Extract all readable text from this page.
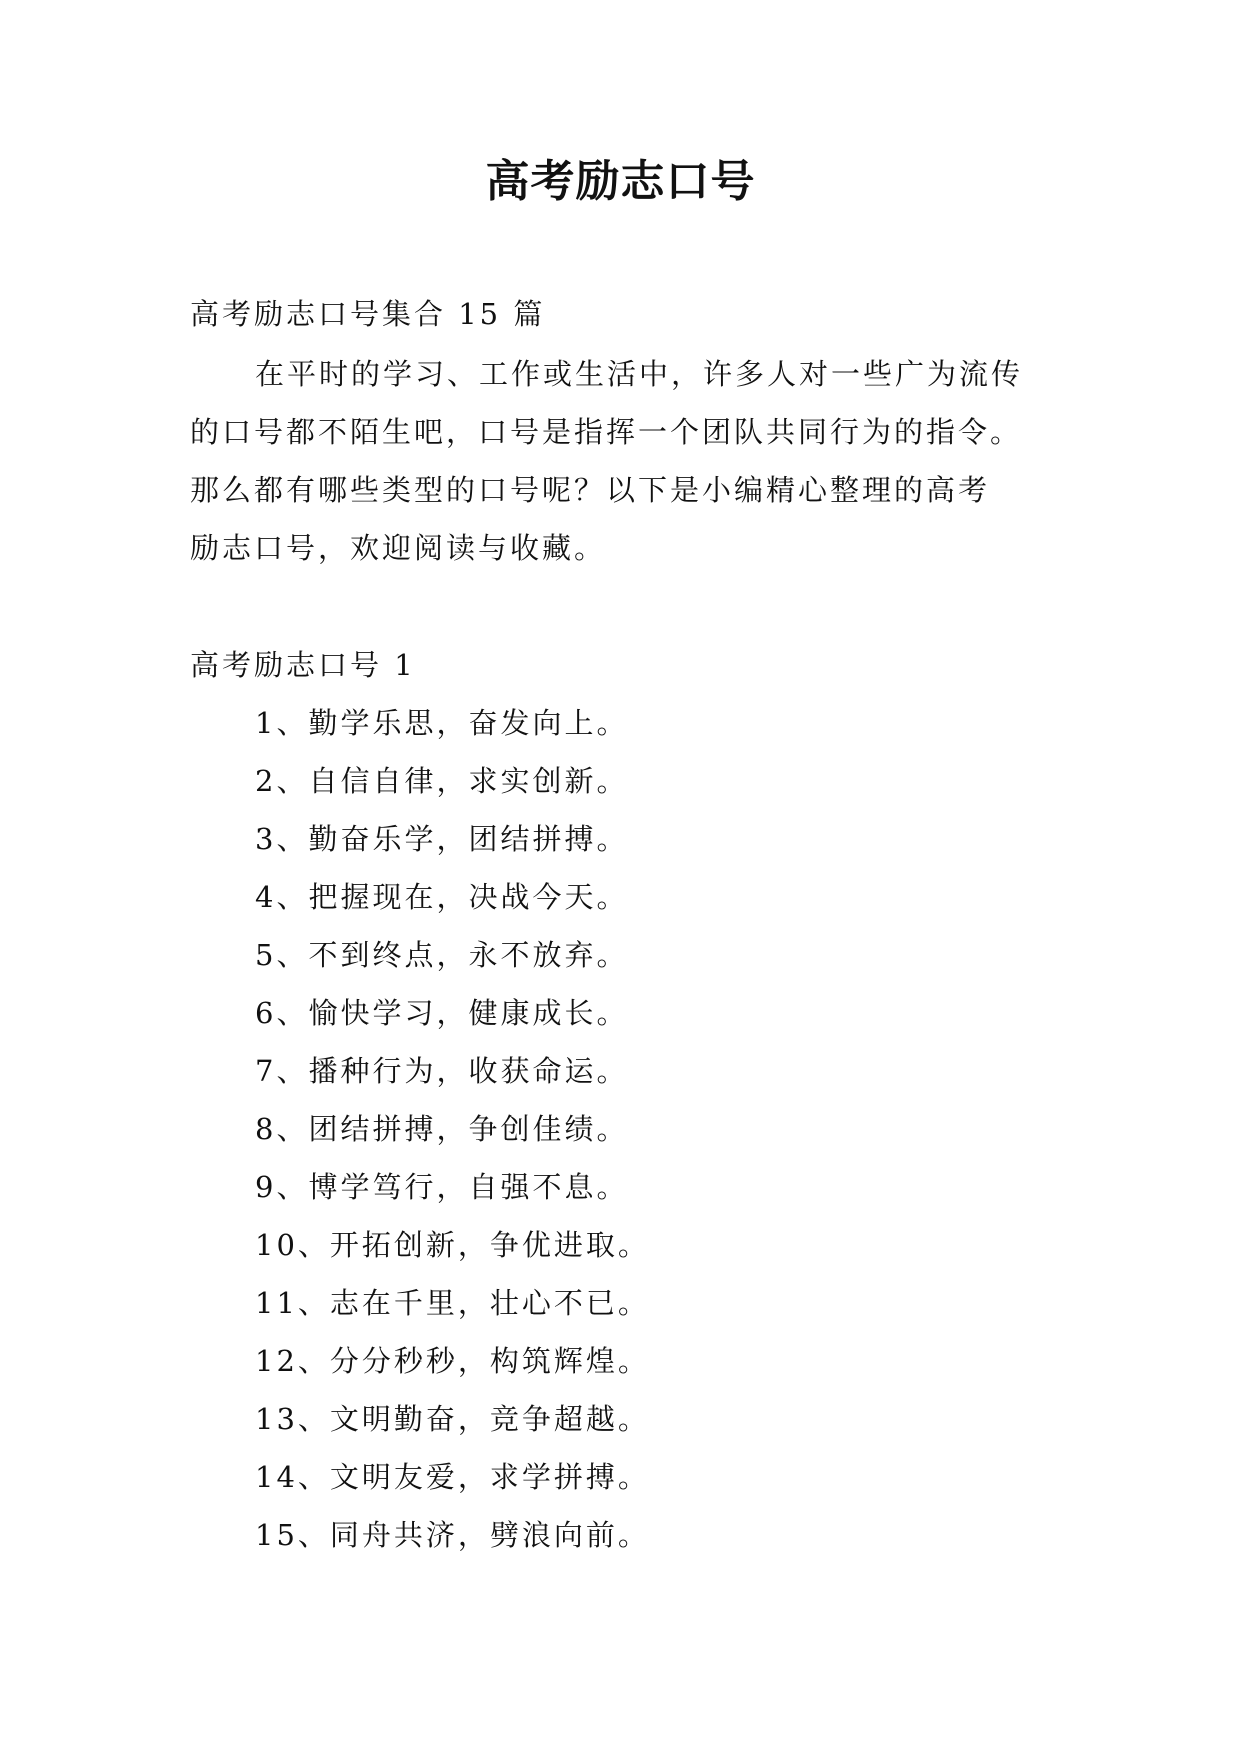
高考励志口号
高考励志口号集合 15 篇
在平时的学习、工作或生活中，许多人对一些广为流传
的口号都不陌生吧，口号是指挥一个团队共同行为的指令。
那么都有哪些类型的口号呢？以下是小编精心整理的高考
励志口号，欢迎阅读与收藏。
高考励志口号 1
1、勤学乐思，奋发向上。
2、自信自律，求实创新。
3、勤奋乐学，团结拼搏。
4、把握现在，决战今天。
5、不到终点，永不放弃。
6、愉快学习，健康成长。
7、播种行为，收获命运。
8、团结拼搏，争创佳绩。
9、博学笃行，自强不息。
10、开拓创新，争优进取。
11、志在千里，壮心不已。
12、分分秒秒，构筑辉煌。
13、文明勤奋，竞争超越。
14、文明友爱，求学拼搏。
15、同舟共济，劈浪向前。
